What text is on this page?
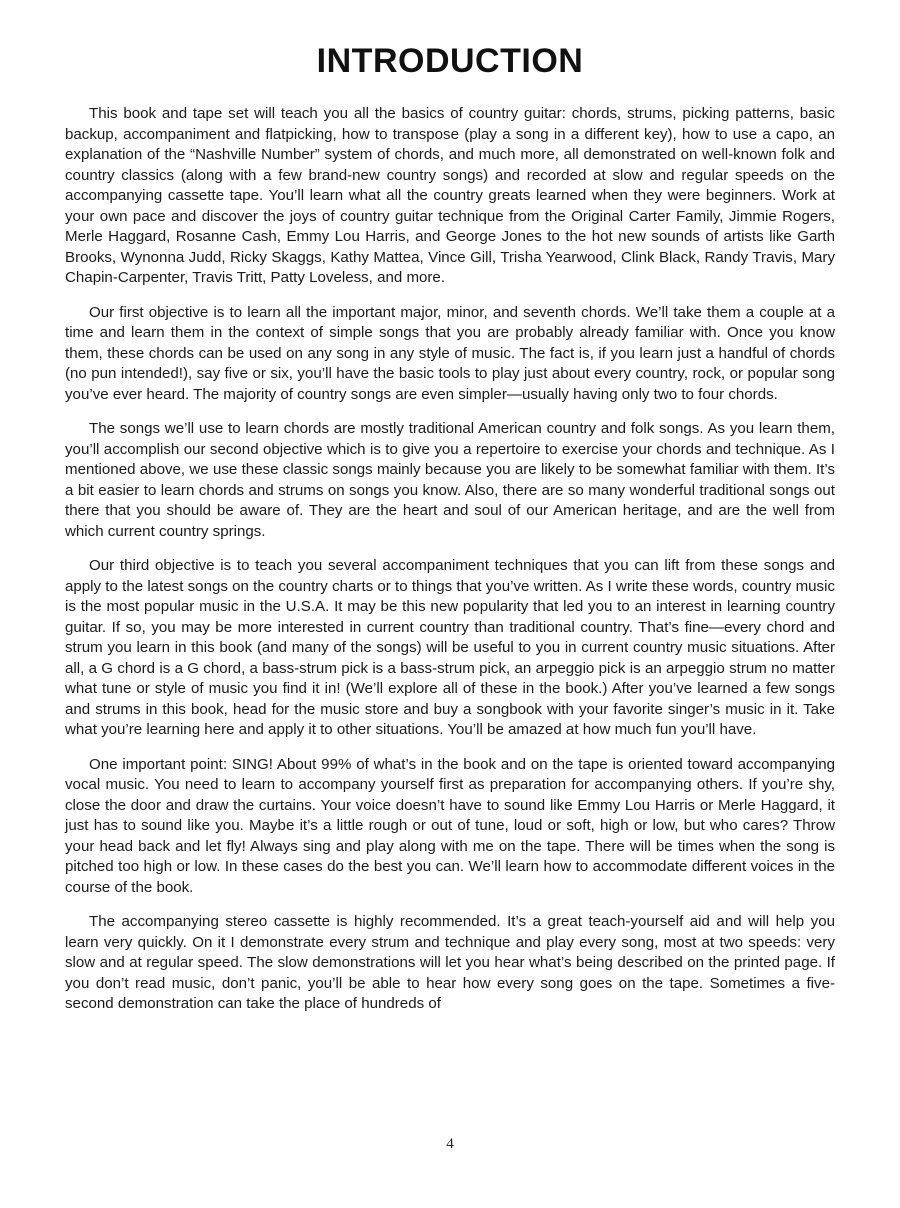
INTRODUCTION

This book and tape set will teach you all the basics of country guitar: chords, strums, picking patterns, basic backup, accompaniment and flatpicking, how to transpose (play a song in a different key), how to use a capo, an explanation of the “Nashville Number” system of chords, and much more, all demonstrated on well-known folk and country classics (along with a few brand-new country songs) and recorded at slow and regular speeds on the accompanying cassette tape. You’ll learn what all the country greats learned when they were beginners. Work at your own pace and discover the joys of country guitar technique from the Original Carter Family, Jimmie Rogers, Merle Haggard, Rosanne Cash, Emmy Lou Harris, and George Jones to the hot new sounds of artists like Garth Brooks, Wynonna Judd, Ricky Skaggs, Kathy Mattea, Vince Gill, Trisha Yearwood, Clink Black, Randy Travis, Mary Chapin-Carpenter, Travis Tritt, Patty Loveless, and more.

Our first objective is to learn all the important major, minor, and seventh chords. We’ll take them a couple at a time and learn them in the context of simple songs that you are probably already familiar with. Once you know them, these chords can be used on any song in any style of music. The fact is, if you learn just a handful of chords (no pun intended!), say five or six, you’ll have the basic tools to play just about every country, rock, or popular song you’ve ever heard. The majority of country songs are even simpler—usually having only two to four chords.

The songs we’ll use to learn chords are mostly traditional American country and folk songs. As you learn them, you’ll accomplish our second objective which is to give you a repertoire to exercise your chords and technique. As I mentioned above, we use these classic songs mainly because you are likely to be somewhat familiar with them. It’s a bit easier to learn chords and strums on songs you know. Also, there are so many wonderful traditional songs out there that you should be aware of. They are the heart and soul of our American heritage, and are the well from which current country springs.

Our third objective is to teach you several accompaniment techniques that you can lift from these songs and apply to the latest songs on the country charts or to things that you’ve written. As I write these words, country music is the most popular music in the U.S.A. It may be this new popularity that led you to an interest in learning country guitar. If so, you may be more interested in current country than traditional country. That’s fine—every chord and strum you learn in this book (and many of the songs) will be useful to you in current country music situations. After all, a G chord is a G chord, a bass-strum pick is a bass-strum pick, an arpeggio pick is an arpeggio strum no matter what tune or style of music you find it in! (We’ll explore all of these in the book.) After you’ve learned a few songs and strums in this book, head for the music store and buy a songbook with your favorite singer’s music in it. Take what you’re learning here and apply it to other situations. You’ll be amazed at how much fun you’ll have.

One important point: SING! About 99% of what’s in the book and on the tape is oriented toward accompanying vocal music. You need to learn to accompany yourself first as preparation for accompanying others. If you’re shy, close the door and draw the curtains. Your voice doesn’t have to sound like Emmy Lou Harris or Merle Haggard, it just has to sound like you. Maybe it’s a little rough or out of tune, loud or soft, high or low, but who cares? Throw your head back and let fly! Always sing and play along with me on the tape. There will be times when the song is pitched too high or low. In these cases do the best you can. We’ll learn how to accommodate different voices in the course of the book.

The accompanying stereo cassette is highly recommended. It’s a great teach-yourself aid and will help you learn very quickly. On it I demonstrate every strum and technique and play every song, most at two speeds: very slow and at regular speed. The slow demonstrations will let you hear what’s being described on the printed page. If you don’t read music, don’t panic, you’ll be able to hear how every song goes on the tape. Sometimes a five-second demonstration can take the place of hundreds of

4
